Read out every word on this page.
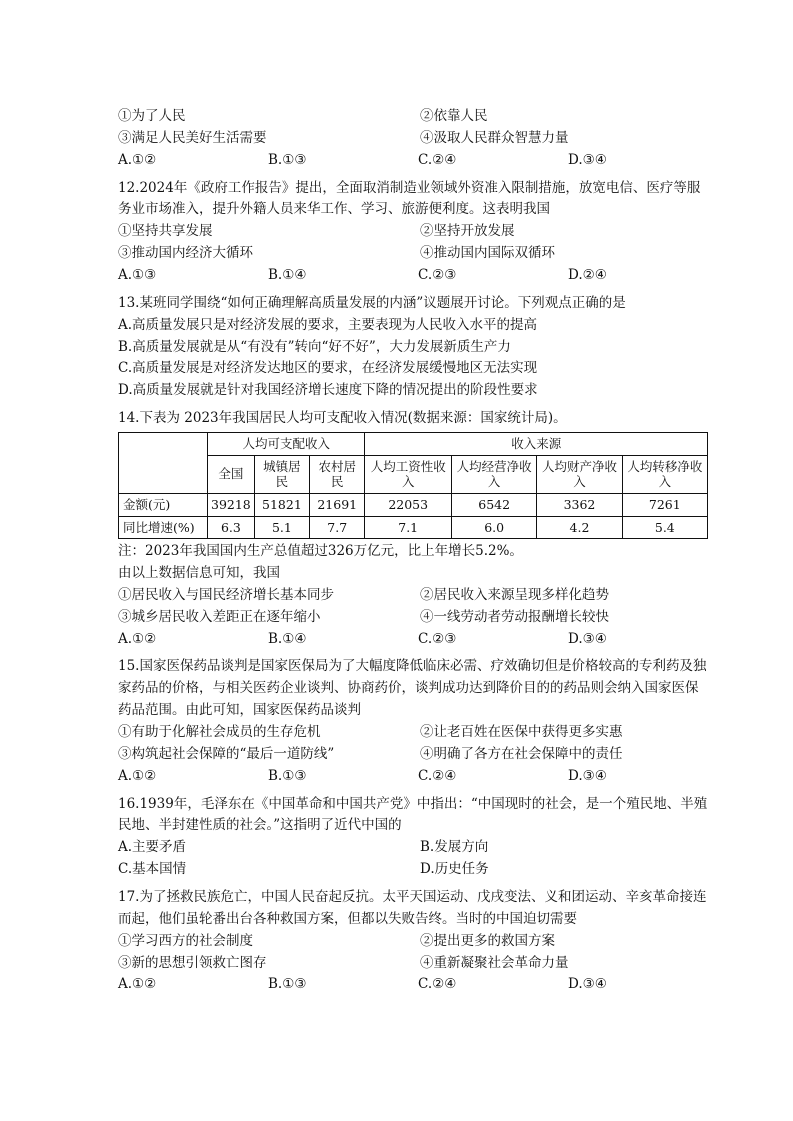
①为了人民	②依靠人民
③满足人民美好生活需要	④汲取人民群众智慧力量
A.①②	B.①③	C.②④	D.③④
12.2024年《政府工作报告》提出，全面取消制造业领域外资准入限制措施，放宽电信、医疗等服务业市场准入，提升外籍人员来华工作、学习、旅游便利度。这表明我国
①坚持共享发展	②坚持开放发展
③推动国内经济大循环	④推动国内国际双循环
A.①③	B.①④	C.②③	D.②④
13.某班同学围绕“如何正确理解高质量发展的内涵”议题展开讨论。下列观点正确的是
A.高质量发展只是对经济发展的要求，主要表现为人民收入水平的提高
B.高质量发展就是从“有没有”转向“好不好”，大力发展新质生产力
C.高质量发展是对经济发达地区的要求，在经济发展缓慢地区无法实现
D.高质量发展就是针对我国经济增长速度下降的情况提出的阶段性要求
14.下表为 2023年我国居民人均可支配收入情况(数据来源：国家统计局)。
	人均可支配收入			收入来源			
	全国	城镇居民	农村居民	人均工资性收入	人均经营净收入	人均财产净收入	人均转移净收入
金额(元)	39218	51821	21691	22053	6542	3362	7261
同比增速(%)	6.3	5.1	7.7	7.1	6.0	4.2	5.4
注：2023年我国国内生产总值超过326万亿元，比上年增长5.2%。
由以上数据信息可知，我国
①居民收入与国民经济增长基本同步	②居民收入来源呈现多样化趋势
③城乡居民收入差距正在逐年缩小	④一线劳动者劳动报酬增长较快
A.①②	B.①④	C.②③	D.③④
15.国家医保药品谈判是国家医保局为了大幅度降低临床必需、疗效确切但是价格较高的专利药及独家药品的价格，与相关医药企业谈判、协商药价，谈判成功达到降价目的的药品则会纳入国家医保药品范围。由此可知，国家医保药品谈判
①有助于化解社会成员的生存危机	②让老百姓在医保中获得更多实惠
③构筑起社会保障的“最后一道防线”	④明确了各方在社会保障中的责任
A.①②	B.①③	C.②④	D.③④
16.1939年，毛泽东在《中国革命和中国共产党》中指出：“中国现时的社会，是一个殖民地、半殖民地、半封建性质的社会。”这指明了近代中国的
A.主要矛盾	B.发展方向
C.基本国情	D.历史任务
17.为了拯救民族危亡，中国人民奋起反抗。太平天国运动、戊戌变法、义和团运动、辛亥革命接连而起，他们虽轮番出台各种救国方案，但都以失败告终。当时的中国迫切需要
①学习西方的社会制度	②提出更多的救国方案
③新的思想引领救亡图存	④重新凝聚社会革命力量
A.①②	B.①③	C.②④	D.③④
